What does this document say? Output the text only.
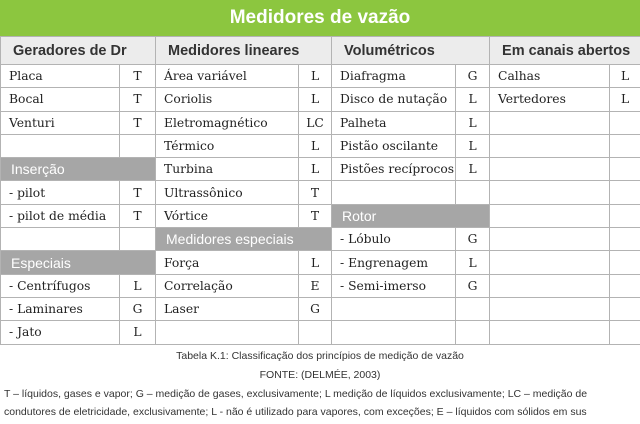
Medidores de vazão
Geradores de Dr		Medidores lineares		Volumétricos		Em canais abertos	
Placa	T	Área variável	L	Diafragma	G	Calhas	L
Bocal	T	Coriolis	L	Disco de nutação	L	Vertedores	L
Venturi	T	Eletromagnético	LC	Palheta	L		
		Térmico	L	Pistão oscilante	L		
Inserção		Turbina	L	Pistões recíprocos	L		
- pilot	T	Ultrassônico	T				
- pilot de média	T	Vórtice	T	Rotor			
		Medidores especiais		- Lóbulo	G		
Especiais		Força	L	- Engrenagem	L		
- Centrífugos	L	Correlação	E	- Semi-imerso	G		
- Laminares	G	Laser	G				
- Jato	L						
Tabela K.1: Classificação dos princípios de medição de vazão
FONTE: (DELMÉE, 2003)
T – líquidos, gases e vapor; G – medição de gases, exclusivamente; L medição de líquidos exclusivamente; LC – medição de
condutores de eletricidade, exclusivamente; L - não é utilizado para vapores, com exceções; E – líquidos com sólidos em sus
